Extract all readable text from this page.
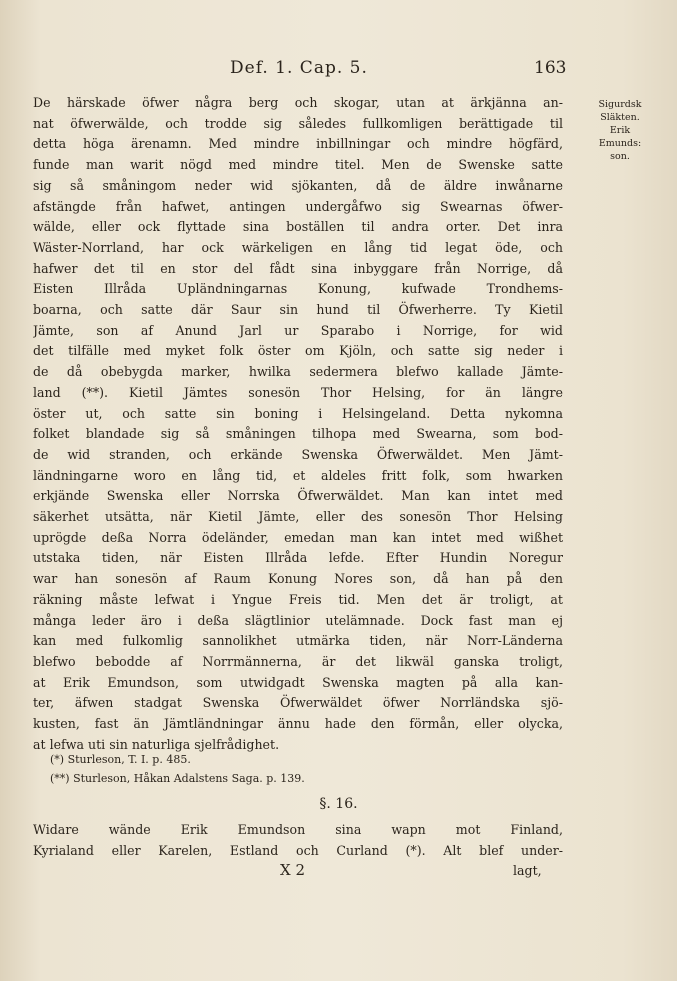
Def. 1. Cap. 5.	163
Sigurdsk
Släkten.
Erik
Emunds:
son.
De härskade öfwer några berg och skogar, utan at ärkjänna an-
nat öfwerwälde, och trodde sig således fullkomligen berättigade til
detta höga ärenamn. Med mindre inbillningar och mindre högfärd,
funde man warit nögd med mindre titel. Men de Swenske satte
sig så småningom neder wid sjökanten, då de äldre inwånarne
afstängde från hafwet, antingen undergåfwo sig Swearnas öfwer-
wälde, eller ock flyttade sina boställen til andra orter. Det inra
Wäster-Norrland, har ock wärkeligen en lång tid legat öde, och
hafwer det til en stor del fådt sina inbyggare från Norrige, då
Eisten Illråda Upländningarnas Konung, kufwade Trondhems-
boarna, och satte där Saur sin hund til Öfwerherre. Ty Kietil
Jämte, son af Anund Jarl ur Sparabo i Norrige, for wid
det tilfälle med myket folk öster om Kjöln, och satte sig neder i
de då obebygda marker, hwilka sedermera blefwo kallade Jämte-
land (**). Kietil Jämtes sonesön Thor Helsing, for än längre
öster ut, och satte sin boning i Helsingeland. Detta nykomna
folket blandade sig så småningen tilhopa med Swearna, som bod-
de wid stranden, och erkände Swenska Öfwerwäldet. Men Jämt-
ländningarne woro en lång tid, et aldeles fritt folk, som hwarken
erkjände Swenska eller Norrska Öfwerwäldet. Man kan intet med
säkerhet utsätta, när Kietil Jämte, eller des sonesön Thor Helsing
uprögde deßa Norra ödeländer, emedan man kan intet med wißhet
utstaka tiden, när Eisten Illråda lefde. Efter Hundin Noregur
war han sonesön af Raum Konung Nores son, då han på den
räkning måste lefwat i Yngue Freis tid. Men det är troligt, at
många leder äro i deßa slägtlinior utelämnade. Dock fast man ej
kan med fulkomlig sannolikhet utmärka tiden, när Norr-Länderna
blefwo bebodde af Norrmännerna, är det likwäl ganska troligt,
at Erik Emundson, som utwidgadt Swenska magten på alla kan-
ter, äfwen stadgat Swenska Öfwerwäldet öfwer Norrländska sjö-
kusten, fast än Jämtländningar ännu hade den förmån, eller olycka,
at lefwa uti sin naturliga sjelfrådighet.
(*) Sturleson, T. I. p. 485.
(**) Sturleson, Håkan Adalstens Saga. p. 139.
§. 16.
Widare wände Erik Emundson sina wapn mot Finland,
Kyrialand eller Karelen, Estland och Curland (*). Alt blef under-
X 2	lagt,
